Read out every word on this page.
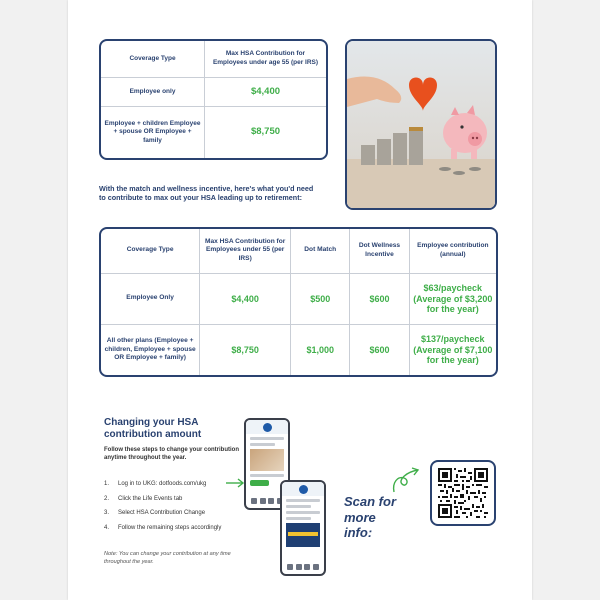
Coverage Type	Max HSA Contribution for Employees under age 55 (per IRS)
Employee only	$4,400
Employee + children Employee + spouse OR Employee + family	$8,750

With the match and wellness incentive, here's what you'd need to contribute to max out your HSA leading up to retirement:

Coverage Type	Max HSA Contribution for Employees under 55 (per IRS)	Dot Match	Dot Wellness Incentive	Employee contribution (annual)
Employee Only	$4,400	$500	$600	$63/paycheck (Average of $3,200 for the year)
All other plans (Employee + children, Employee + spouse OR Employee + family)	$8,750	$1,000	$600	$137/paycheck (Average of $7,100 for the year)

Changing your HSA contribution amount

Follow these steps to change your contribution anytime throughout the year.

1. Log in to UKG: dotfoods.com/ukg
2. Click the Life Events tab
3. Select HSA Contribution Change
4. Follow the remaining steps accordingly

Note: You can change your contribution at any time throughout the year.

Scan for more info:
